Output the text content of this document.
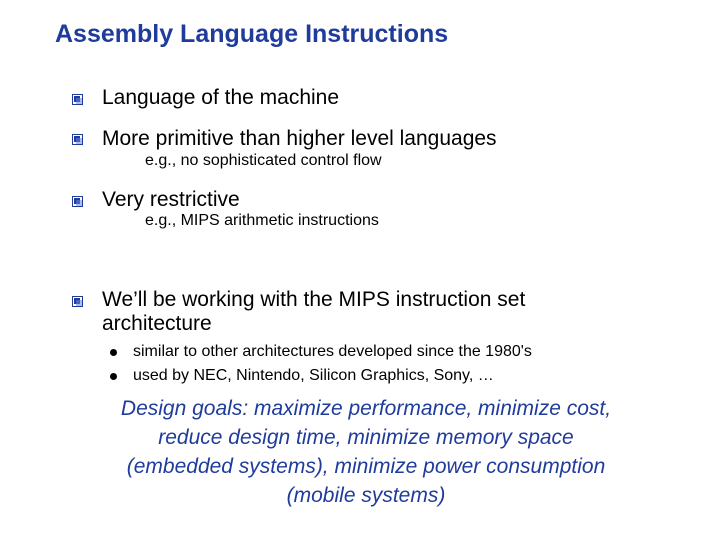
Assembly Language Instructions
Language of the machine
More primitive than higher level languages
e.g., no sophisticated control flow
Very restrictive
e.g., MIPS arithmetic instructions
We’ll be working with the MIPS instruction set
architecture
similar to other architectures developed since the 1980's
used by NEC, Nintendo, Silicon Graphics, Sony, …
Design goals: maximize performance, minimize cost,
reduce design time, minimize memory space
(embedded systems), minimize power consumption
(mobile systems)
